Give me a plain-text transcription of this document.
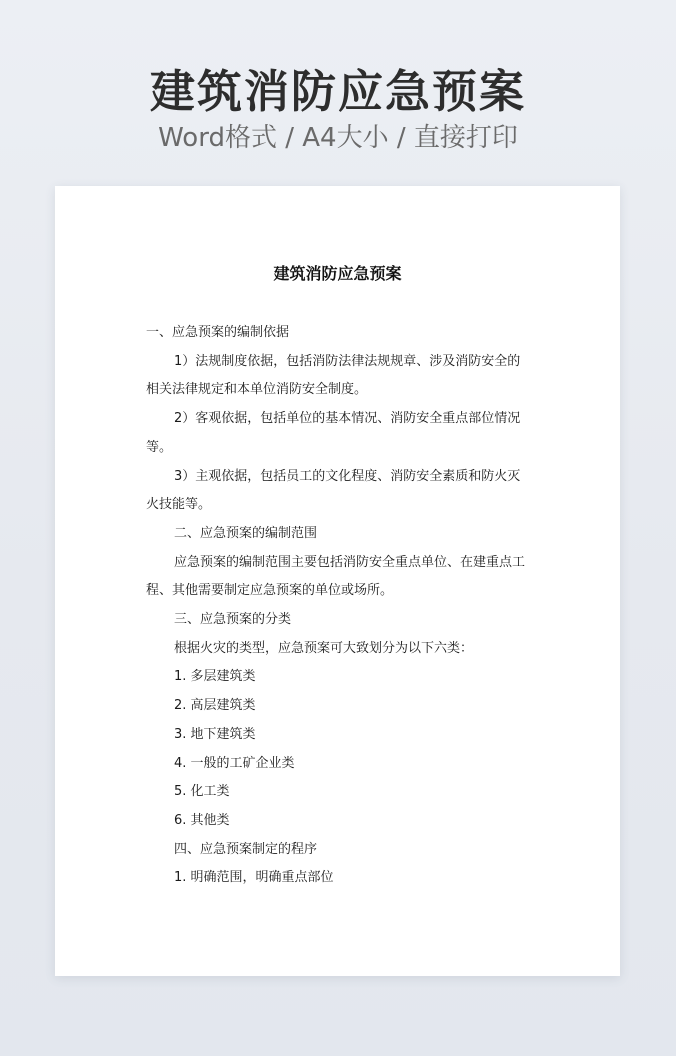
建筑消防应急预案
Word格式 / A4大小 / 直接打印
建筑消防应急预案

一、应急预案的编制依据

1）法规制度依据，包括消防法律法规规章、涉及消防安全的相关法律规定和本单位消防安全制度。

2）客观依据，包括单位的基本情况、消防安全重点部位情况等。

3）主观依据，包括员工的文化程度、消防安全素质和防火灭火技能等。

二、应急预案的编制范围

应急预案的编制范围主要包括消防安全重点单位、在建重点工程、其他需要制定应急预案的单位或场所。

三、应急预案的分类

根据火灾的类型，应急预案可大致划分为以下六类：

1. 多层建筑类

2. 高层建筑类

3. 地下建筑类

4. 一般的工矿企业类

5. 化工类

6. 其他类

四、应急预案制定的程序

1. 明确范围，明确重点部位
